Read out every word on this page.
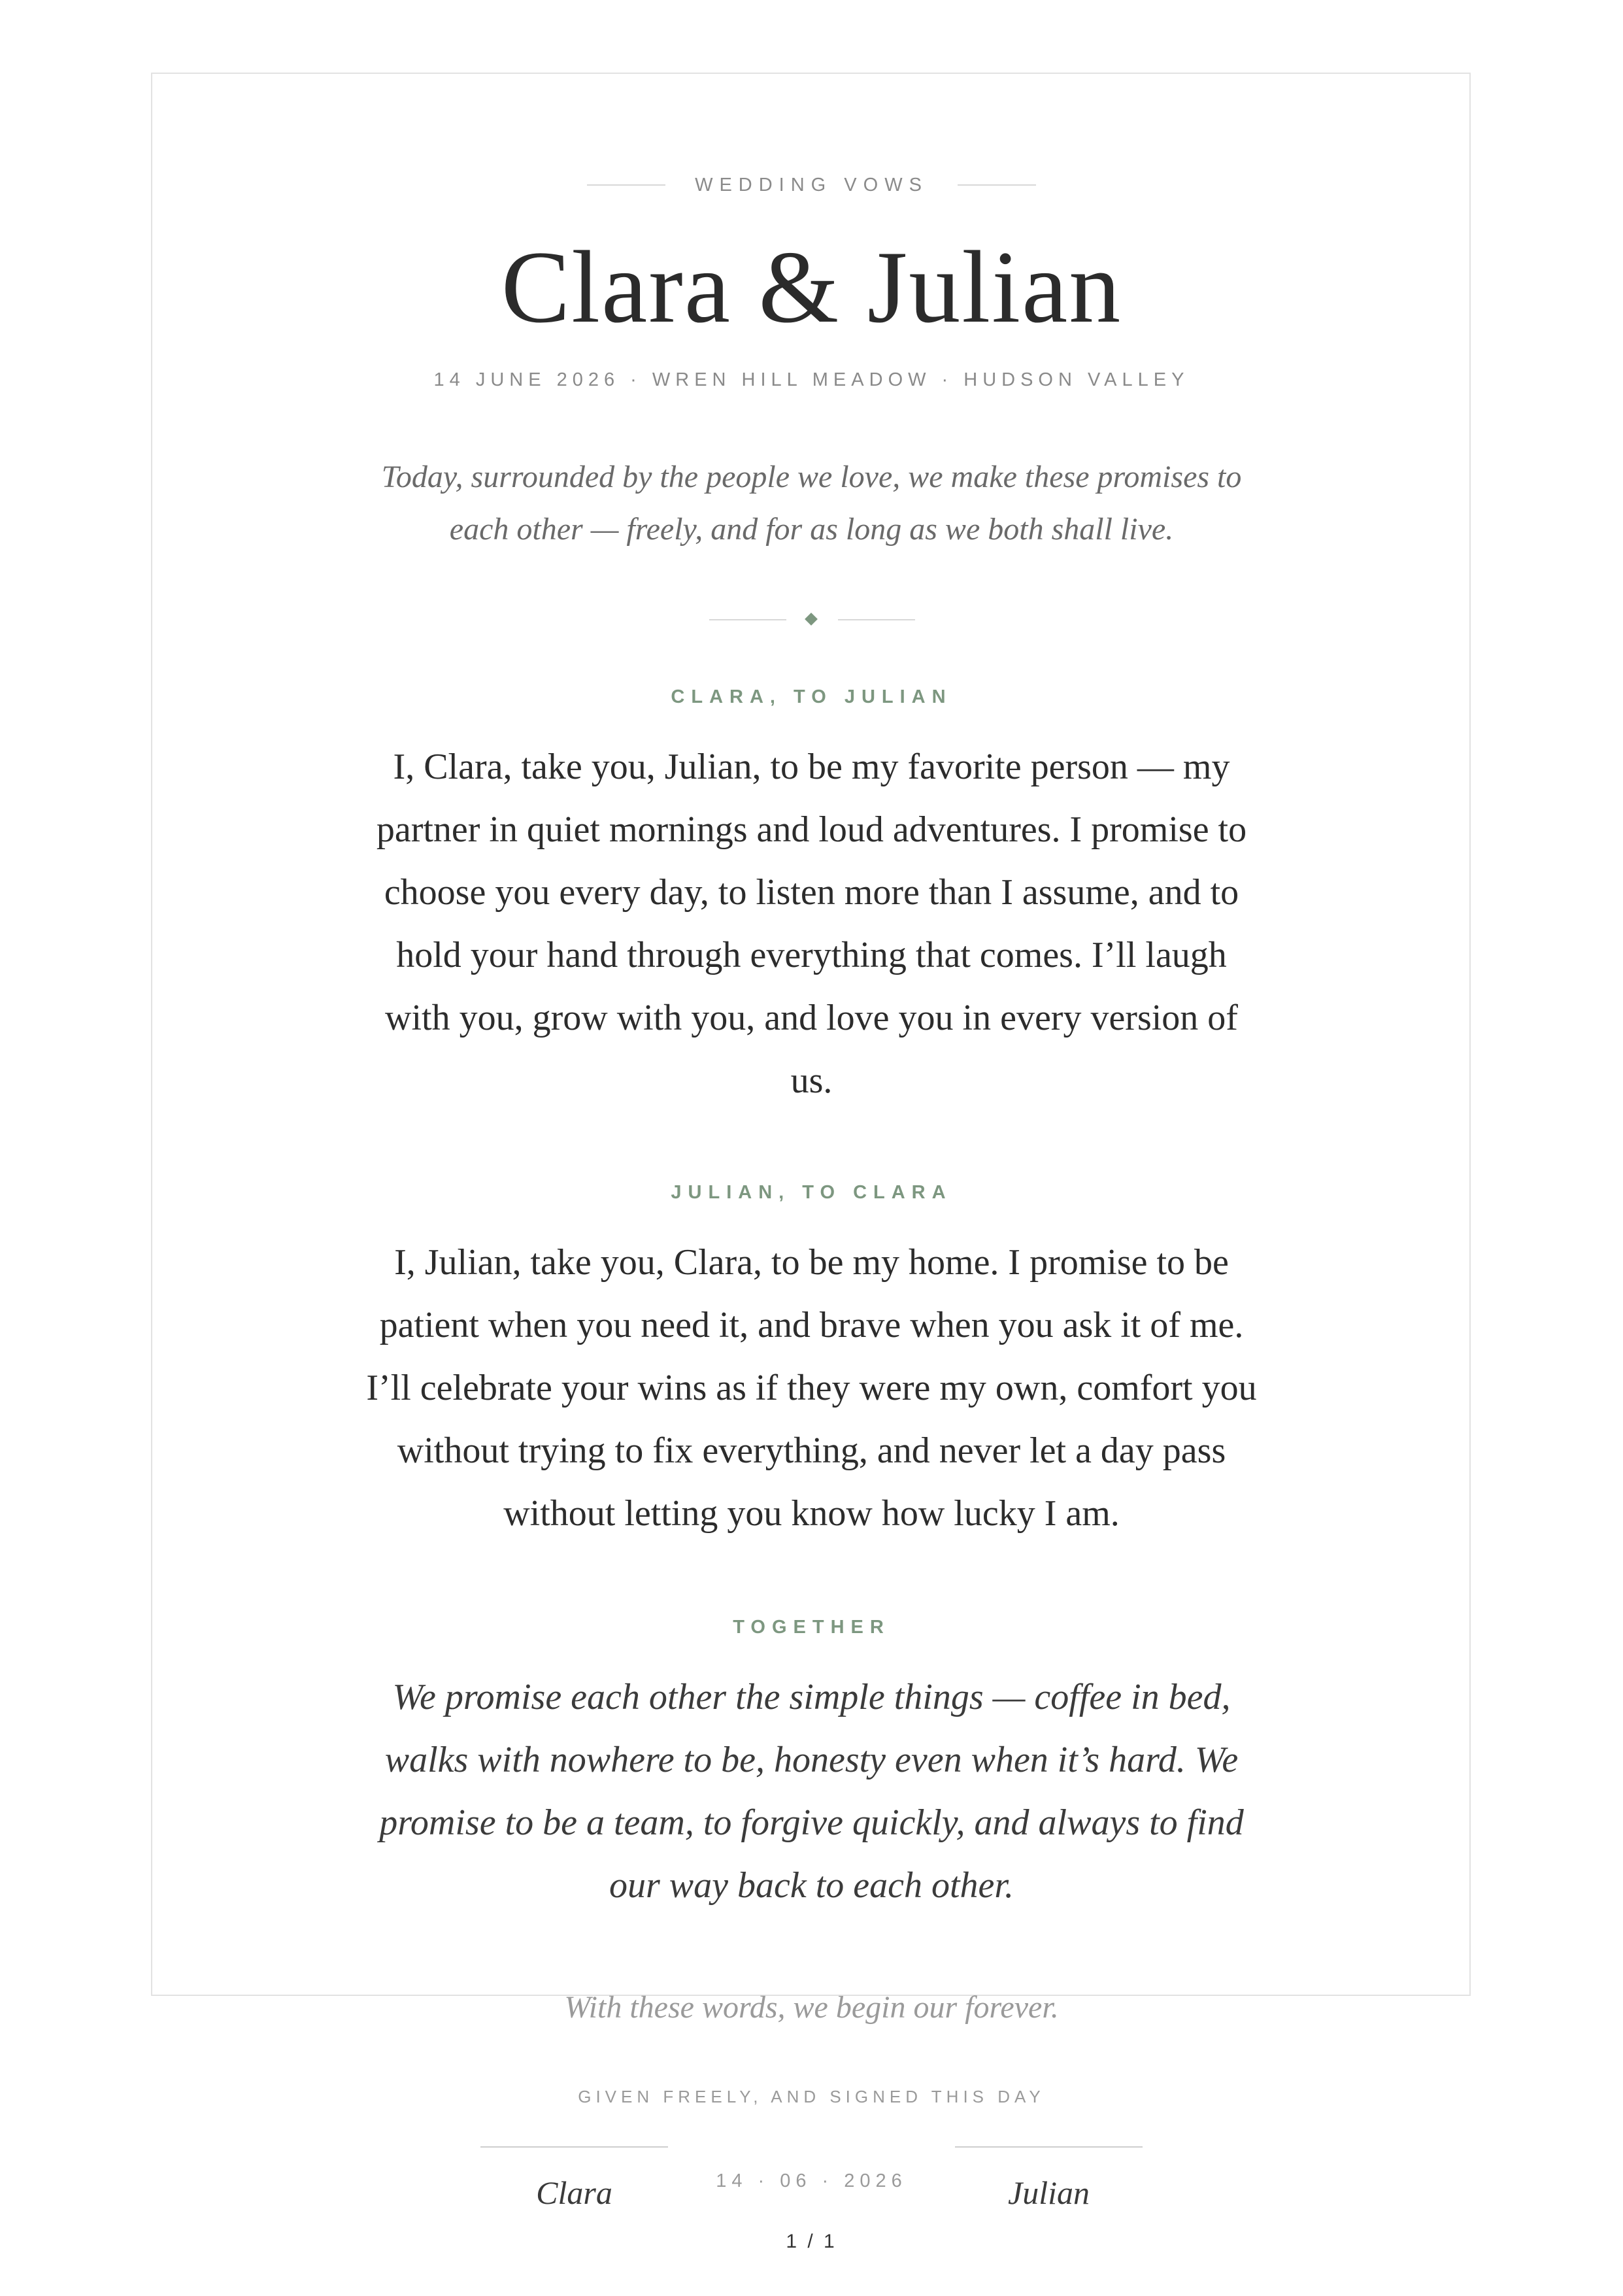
WEDDING VOWS
Clara & Julian
14 JUNE 2026 · WREN HILL MEADOW · HUDSON VALLEY
Today, surrounded by the people we love, we make these promises to each other — freely, and for as long as we both shall live.
CLARA, TO JULIAN
I, Clara, take you, Julian, to be my favorite person — my partner in quiet mornings and loud adventures. I promise to choose you every day, to listen more than I assume, and to hold your hand through everything that comes. I’ll laugh with you, grow with you, and love you in every version of us.
JULIAN, TO CLARA
I, Julian, take you, Clara, to be my home. I promise to be patient when you need it, and brave when you ask it of me. I’ll celebrate your wins as if they were my own, comfort you without trying to fix everything, and never let a day pass without letting you know how lucky I am.
TOGETHER
We promise each other the simple things — coffee in bed, walks with nowhere to be, honesty even when it’s hard. We promise to be a team, to forgive quickly, and always to find our way back to each other.
With these words, we begin our forever.
GIVEN FREELY, AND SIGNED THIS DAY
Clara	14 · 06 · 2026	Julian
1 / 1
